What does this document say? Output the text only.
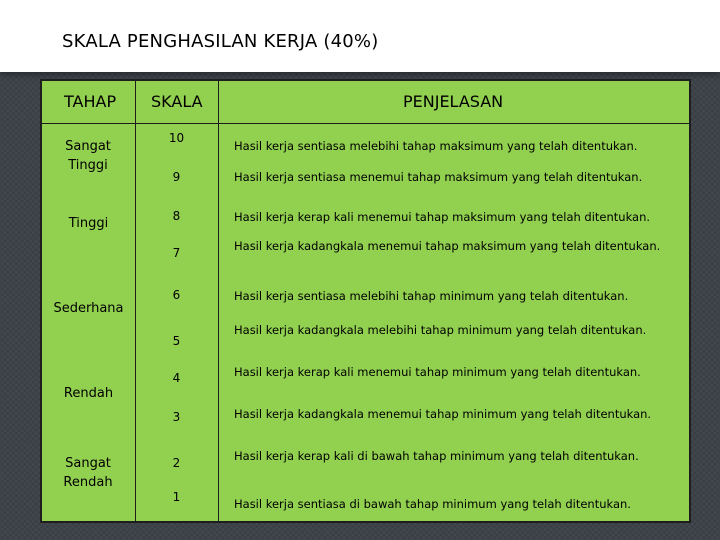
SKALA PENGHASILAN KERJA (40%)
TAHAP SKALA	PENJELASAN
Sangat Tinggi
Tinggi
Sederhana
Rendah
Sangat Rendah
10
9
8
7
6
5
4
3
2
1
Hasil kerja sentiasa melebihi tahap maksimum yang telah ditentukan.
Hasil kerja sentiasa menemui tahap maksimum yang telah ditentukan.
Hasil kerja kerap kali menemui tahap maksimum yang telah ditentukan.
Hasil kerja kadangkala menemui tahap maksimum yang telah ditentukan.
Hasil kerja sentiasa melebihi tahap minimum yang telah ditentukan.
Hasil kerja kadangkala melebihi tahap minimum yang telah ditentukan.
Hasil kerja kerap kali menemui tahap minimum yang telah ditentukan.
Hasil kerja kadangkala menemui tahap minimum yang telah ditentukan.
Hasil kerja kerap kali di bawah tahap minimum yang telah ditentukan.
Hasil kerja sentiasa di bawah tahap minimum yang telah ditentukan.
